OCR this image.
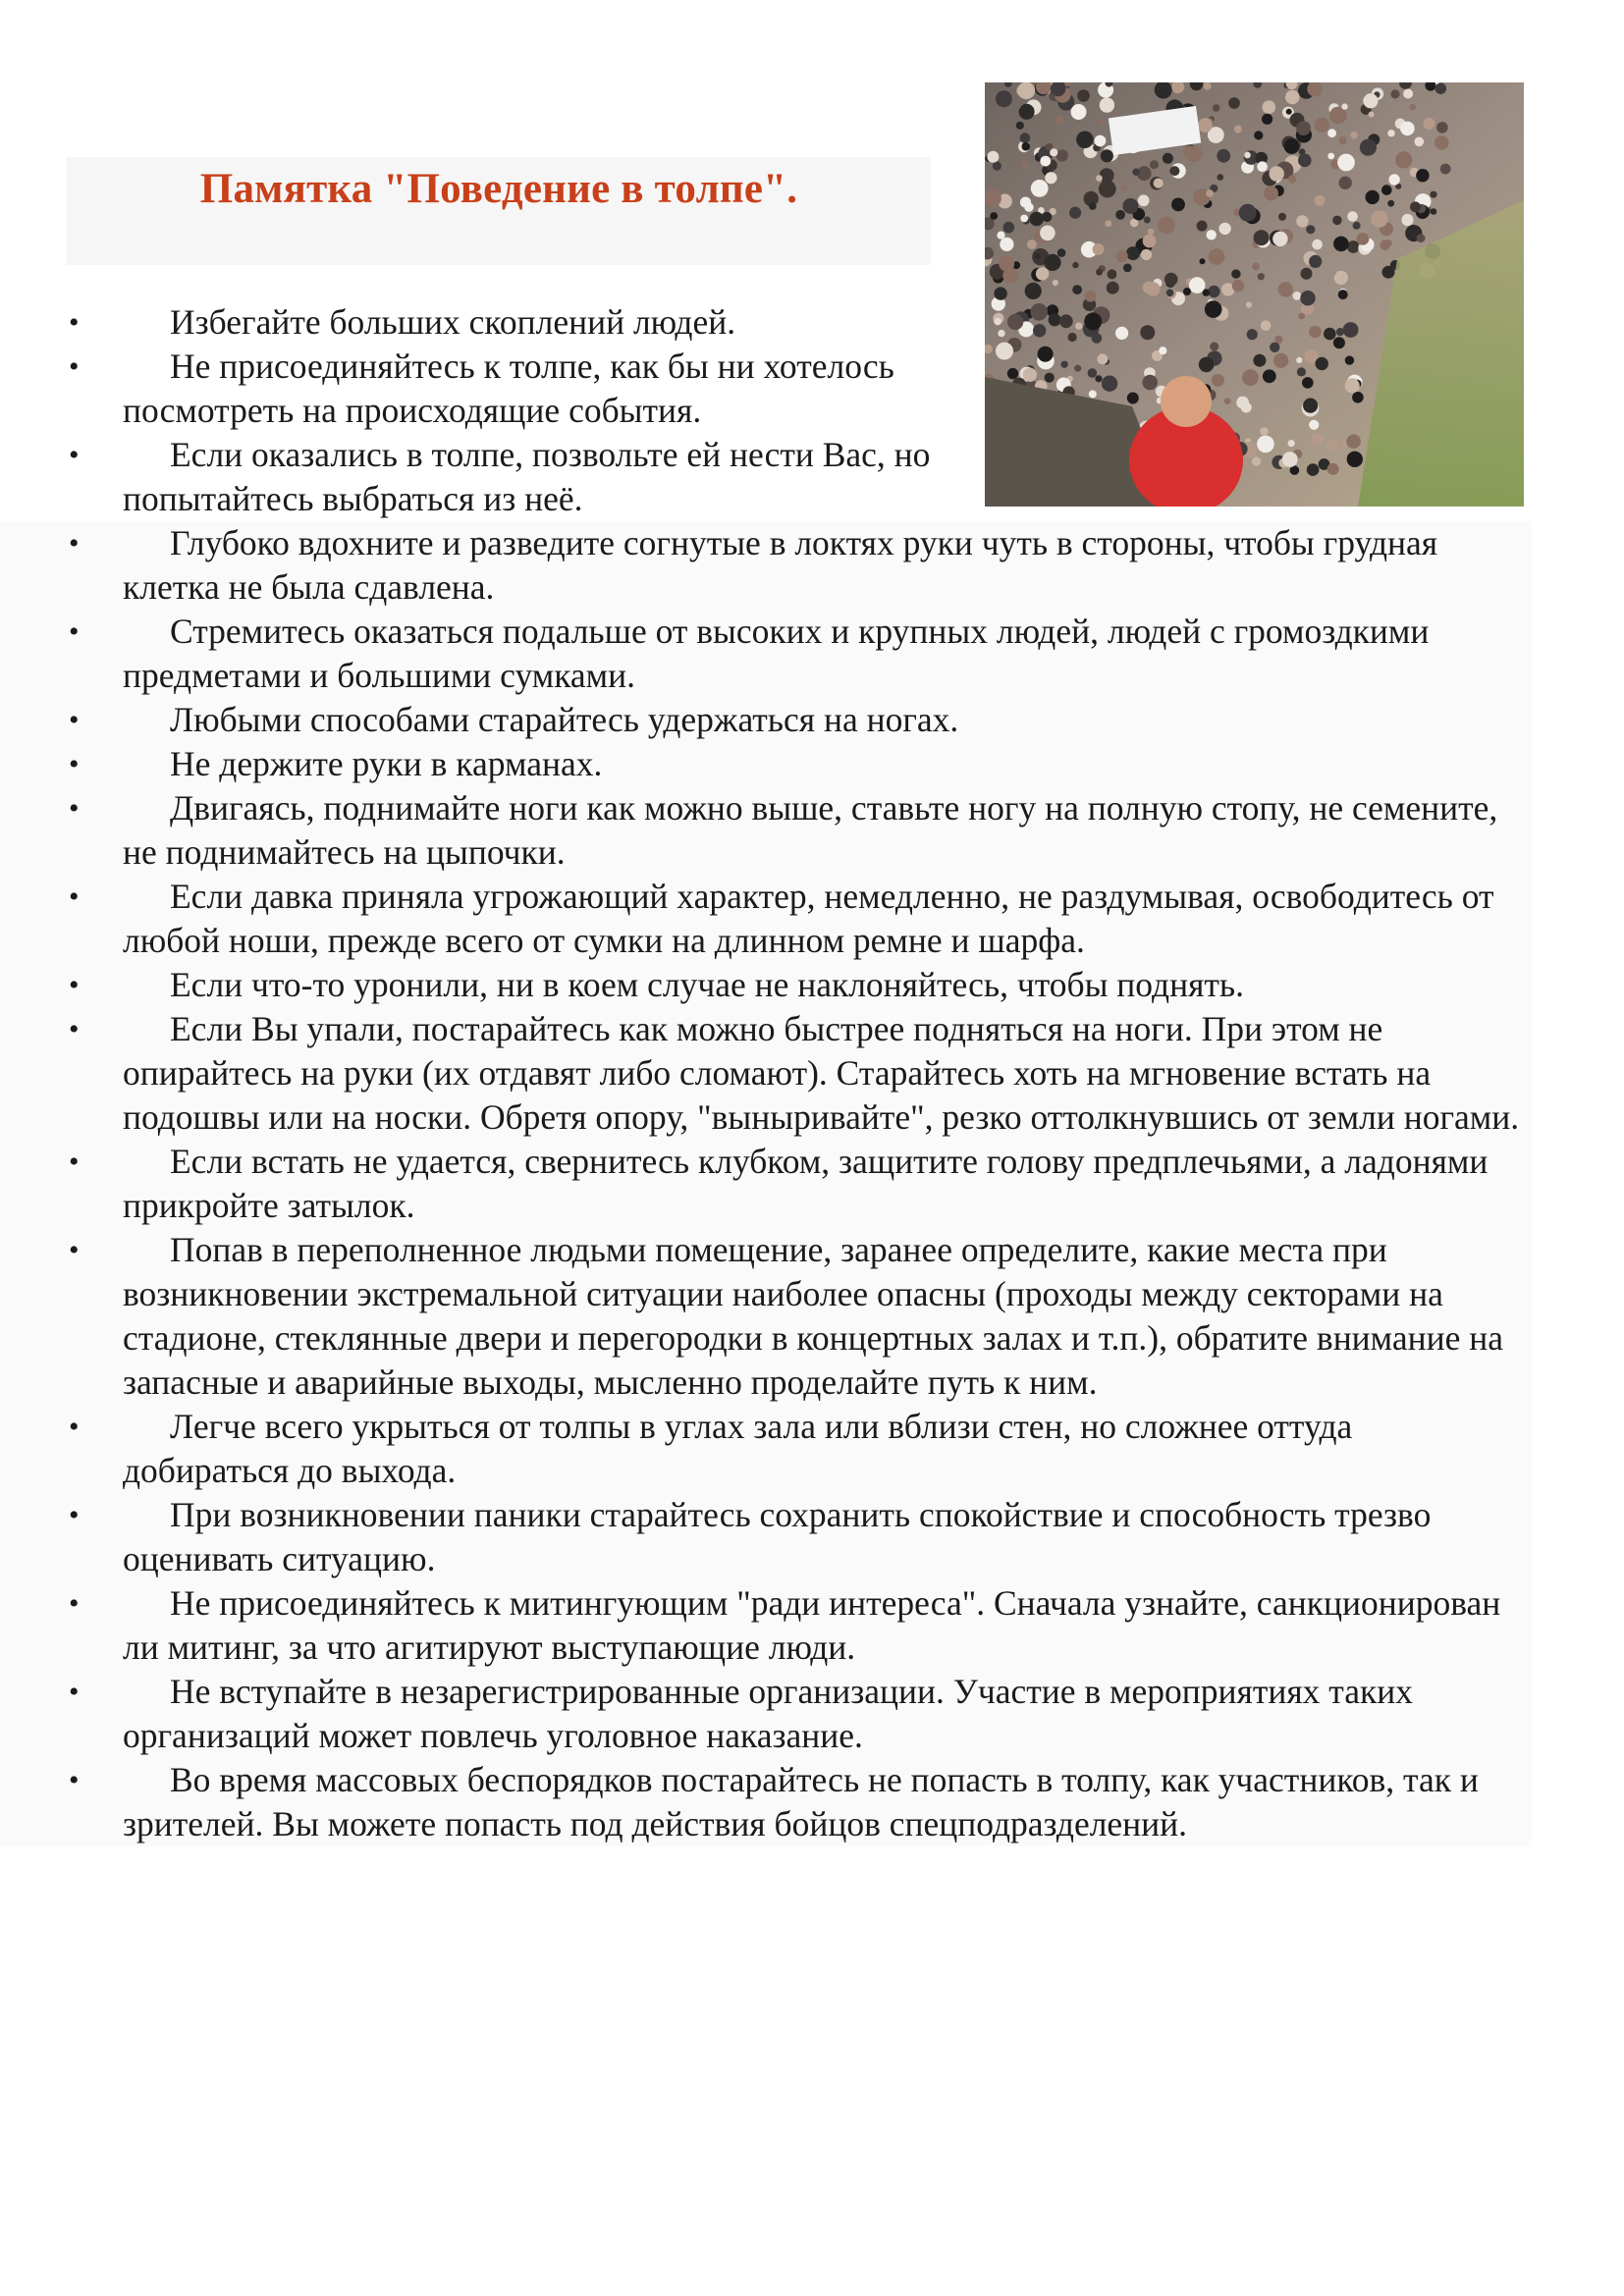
Памятка "Поведение в толпе".
• Избегайте больших скоплений людей.
• Не присоединяйтесь к толпе, как бы ни хотелось посмотреть на происходящие события.
• Если оказались в толпе, позвольте ей нести Вас, но попытайтесь выбраться из неё.
• Глубоко вдохните и разведите согнутые в локтях руки чуть в стороны, чтобы грудная клетка не была сдавлена.
• Стремитесь оказаться подальше от высоких и крупных людей, людей с громоздкими предметами и большими сумками.
• Любыми способами старайтесь удержаться на ногах.
• Не держите руки в карманах.
• Двигаясь, поднимайте ноги как можно выше, ставьте ногу на полную стопу, не семените, не поднимайтесь на цыпочки.
• Если давка приняла угрожающий характер, немедленно, не раздумывая, освободитесь от любой ноши, прежде всего от сумки на длинном ремне и шарфа.
• Если что-то уронили, ни в коем случае не наклоняйтесь, чтобы поднять.
• Если Вы упали, постарайтесь как можно быстрее подняться на ноги. При этом не опирайтесь на руки (их отдавят либо сломают). Старайтесь хоть на мгновение встать на подошвы или на носки. Обретя опору, "выныривайте", резко оттолкнувшись от земли ногами.
• Если встать не удается, свернитесь клубком, защитите голову предплечьями, а ладонями прикройте затылок.
• Попав в переполненное людьми помещение, заранее определите, какие места при возникновении экстремальной ситуации наиболее опасны (проходы между секторами на стадионе, стеклянные двери и перегородки в концертных залах и т.п.), обратите внимание на запасные и аварийные выходы, мысленно проделайте путь к ним.
• Легче всего укрыться от толпы в углах зала или вблизи стен, но сложнее оттуда добираться до выхода.
• При возникновении паники старайтесь сохранить спокойствие и способность трезво оценивать ситуацию.
• Не присоединяйтесь к митингующим "ради интереса". Сначала узнайте, санкционирован ли митинг, за что агитируют выступающие люди.
• Не вступайте в незарегистрированные организации. Участие в мероприятиях таких организаций может повлечь уголовное наказание.
• Во время массовых беспорядков постарайтесь не попасть в толпу, как участников, так и зрителей. Вы можете попасть под действия бойцов спецподразделений.
